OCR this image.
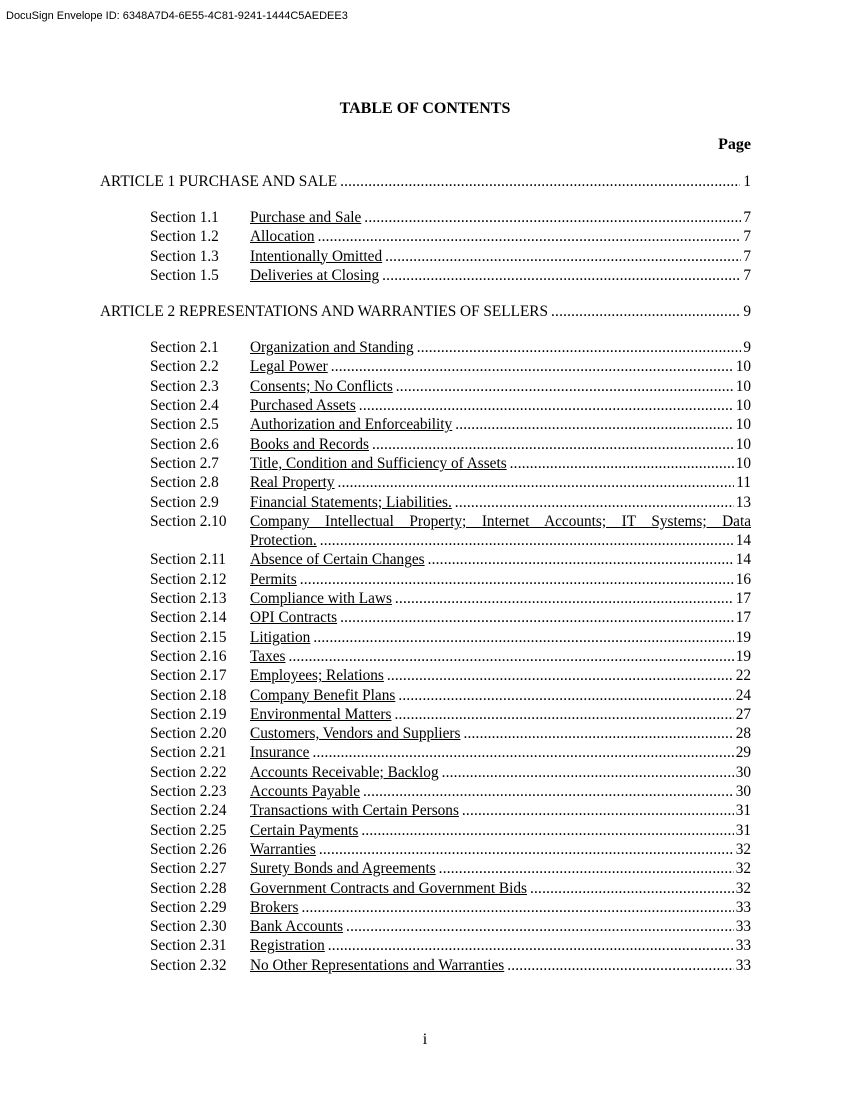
DocuSign Envelope ID: 6348A7D4-6E55-4C81-9241-1444C5AEDEE3
TABLE OF CONTENTS
Page
ARTICLE 1 PURCHASE AND SALE .....	1
Section 1.1	Purchase and Sale .....	7
Section 1.2	Allocation .....	7
Section 1.3	Intentionally Omitted .....	7
Section 1.5	Deliveries at Closing .....	7
ARTICLE 2 REPRESENTATIONS AND WARRANTIES OF SELLERS .....	9
Section 2.1	Organization and Standing .....	9
Section 2.2	Legal Power .....	10
Section 2.3	Consents; No Conflicts .....	10
Section 2.4	Purchased Assets .....	10
Section 2.5	Authorization and Enforceability .....	10
Section 2.6	Books and Records .....	10
Section 2.7	Title, Condition and Sufficiency of Assets .....	10
Section 2.8	Real Property .....	11
Section 2.9	Financial Statements; Liabilities. .....	13
Section 2.10	Company Intellectual Property; Internet Accounts; IT Systems; Data
Protection. .....	14
Section 2.11	Absence of Certain Changes .....	14
Section 2.12	Permits .....	16
Section 2.13	Compliance with Laws .....	17
Section 2.14	OPI Contracts .....	17
Section 2.15	Litigation .....	19
Section 2.16	Taxes .....	19
Section 2.17	Employees; Relations .....	22
Section 2.18	Company Benefit Plans .....	24
Section 2.19	Environmental Matters .....	27
Section 2.20	Customers, Vendors and Suppliers .....	28
Section 2.21	Insurance .....	29
Section 2.22	Accounts Receivable; Backlog .....	30
Section 2.23	Accounts Payable .....	30
Section 2.24	Transactions with Certain Persons .....	31
Section 2.25	Certain Payments .....	31
Section 2.26	Warranties .....	32
Section 2.27	Surety Bonds and Agreements .....	32
Section 2.28	Government Contracts and Government Bids .....	32
Section 2.29	Brokers .....	33
Section 2.30	Bank Accounts .....	33
Section 2.31	Registration .....	33
Section 2.32	No Other Representations and Warranties .....	33
i
